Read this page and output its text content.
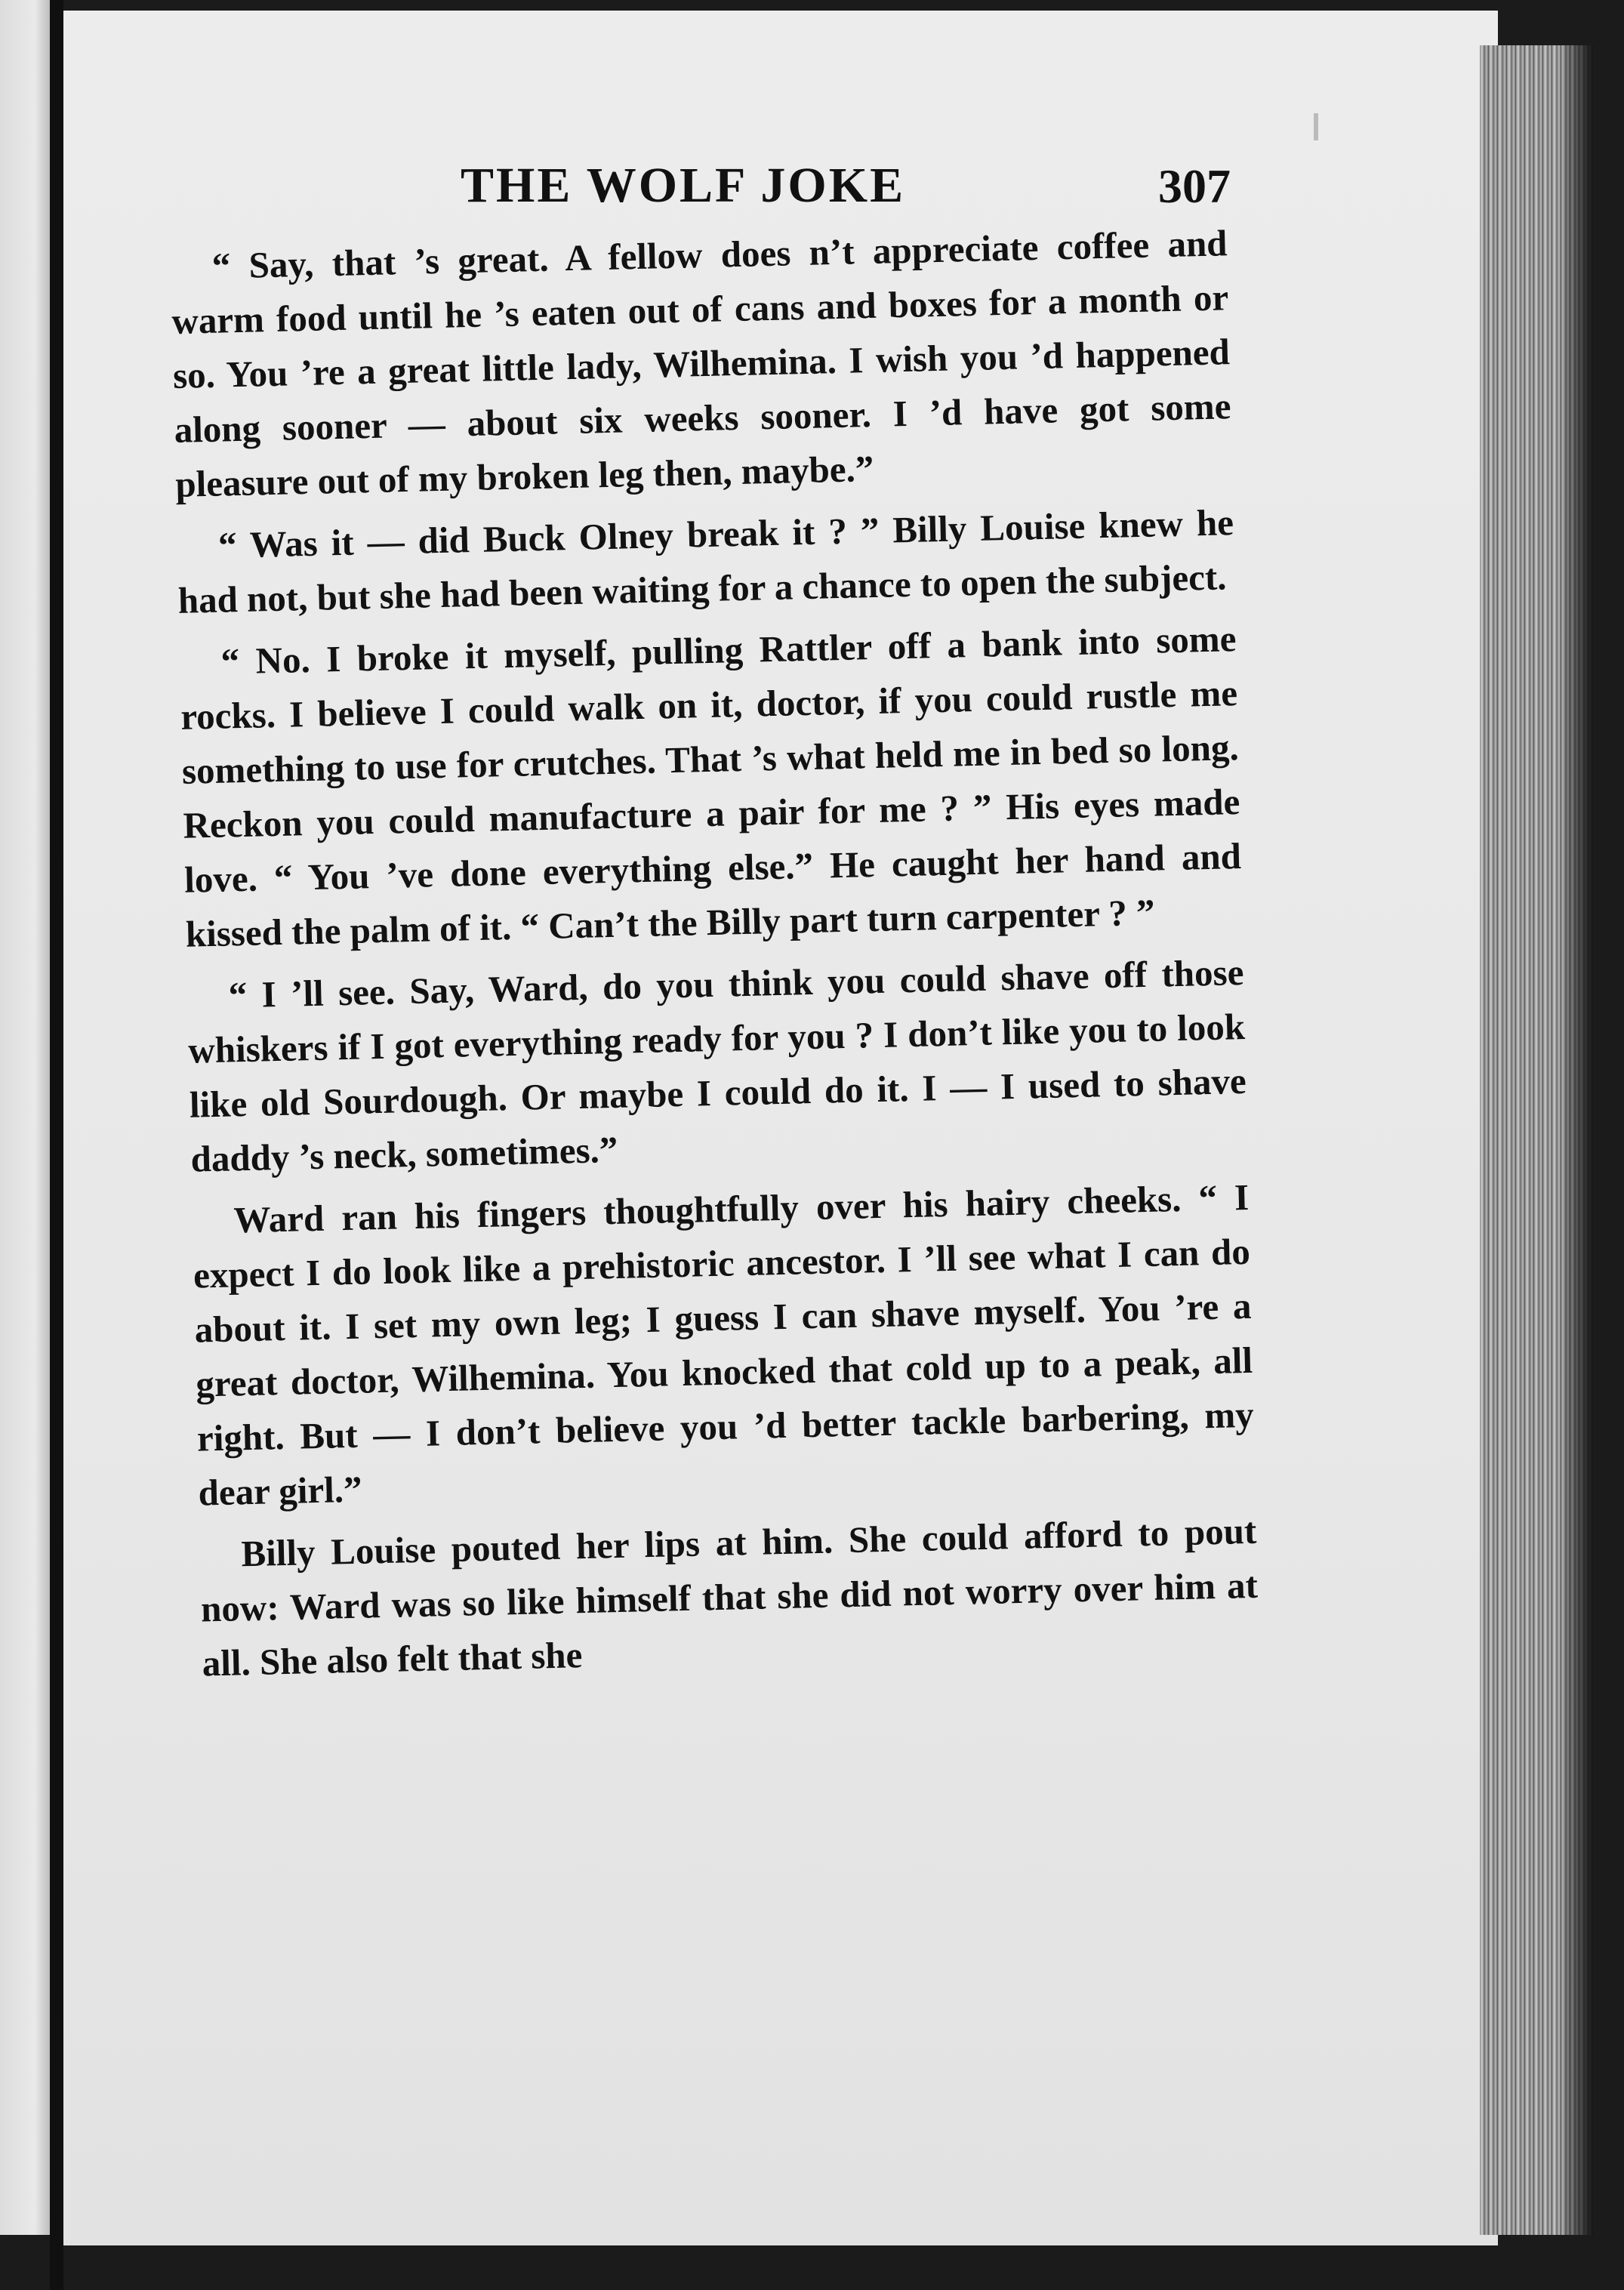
THE WOLF JOKE	307

“ Say, that ’s great. A fellow does n’t appreciate coffee and warm food until he ’s eaten out of cans and boxes for a month or so. You ’re a great little lady, Wilhemina. I wish you ’d happened along sooner — about six weeks sooner. I ’d have got some pleasure out of my broken leg then, maybe.”

“ Was it — did Buck Olney break it ? ” Billy Louise knew he had not, but she had been waiting for a chance to open the subject.

“ No. I broke it myself, pulling Rattler off a bank into some rocks. I believe I could walk on it, doctor, if you could rustle me something to use for crutches. That ’s what held me in bed so long. Reckon you could manufacture a pair for me ? ” His eyes made love. “ You ’ve done everything else.” He caught her hand and kissed the palm of it. “ Can’t the Billy part turn carpenter ? ”

“ I ’ll see. Say, Ward, do you think you could shave off those whiskers if I got everything ready for you ? I don’t like you to look like old Sourdough. Or maybe I could do it. I — I used to shave daddy ’s neck, sometimes.”

Ward ran his fingers thoughtfully over his hairy cheeks. “ I expect I do look like a prehistoric ancestor. I ’ll see what I can do about it. I set my own leg; I guess I can shave myself. You ’re a great doctor, Wilhemina. You knocked that cold up to a peak, all right. But — I don’t believe you ’d better tackle barbering, my dear girl.”

Billy Louise pouted her lips at him. She could afford to pout now: Ward was so like himself that she did not worry over him at all. She also felt that she
